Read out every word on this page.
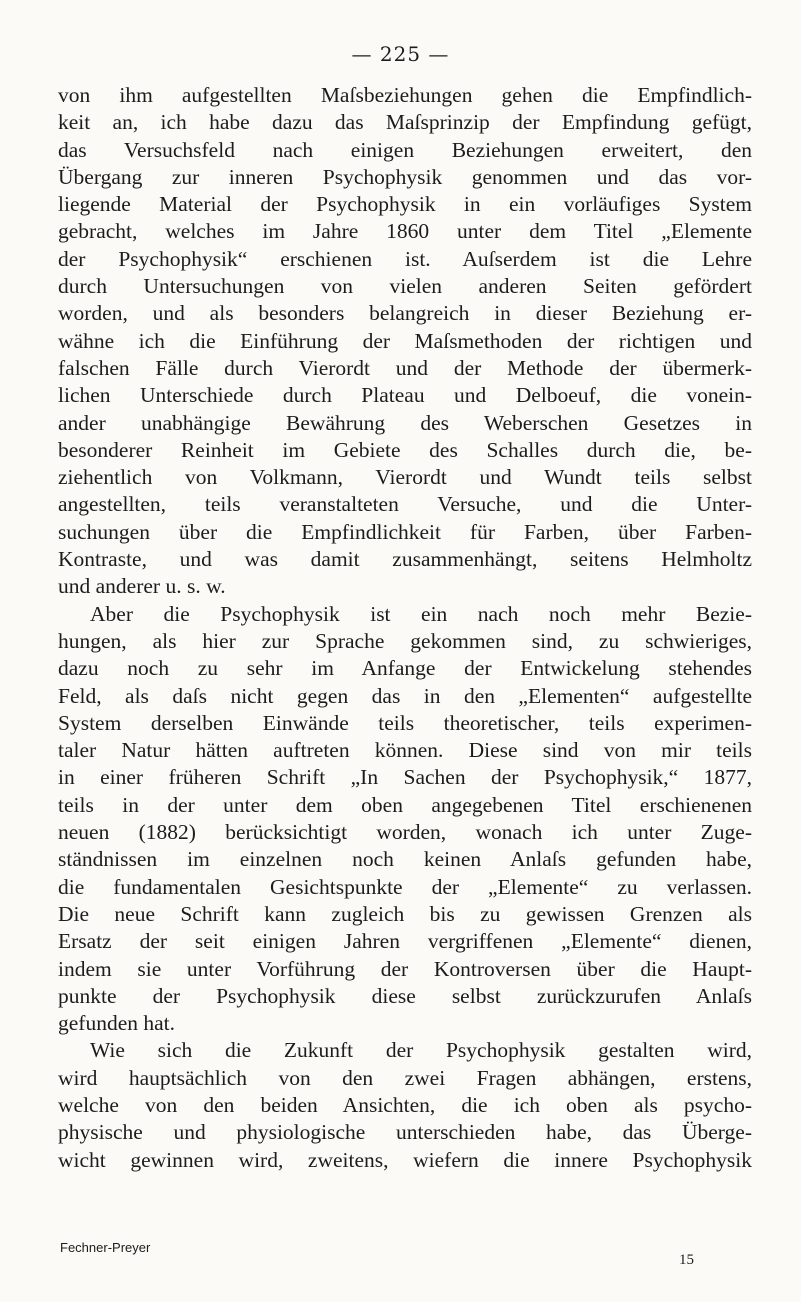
— 225 —

von ihm aufgestellten Maſsbeziehungen gehen die Empfindlich-
keit an, ich habe dazu das Maſsprinzip der Empfindung gefügt,
das Versuchsfeld nach einigen Beziehungen erweitert, den
Übergang zur inneren Psychophysik genommen und das vor-
liegende Material der Psychophysik in ein vorläufiges System
gebracht, welches im Jahre 1860 unter dem Titel „Elemente
der Psychophysik“ erschienen ist. Auſserdem ist die Lehre
durch Untersuchungen von vielen anderen Seiten gefördert
worden, und als besonders belangreich in dieser Beziehung er-
wähne ich die Einführung der Maſsmethoden der richtigen und
falschen Fälle durch Vierordt und der Methode der übermerk-
lichen Unterschiede durch Plateau und Delboeuf, die vonein-
ander unabhängige Bewährung des Weberschen Gesetzes in
besonderer Reinheit im Gebiete des Schalles durch die, be-
ziehentlich von Volkmann, Vierordt und Wundt teils selbst
angestellten, teils veranstalteten Versuche, und die Unter-
suchungen über die Empfindlichkeit für Farben, über Farben-
Kontraste, und was damit zusammenhängt, seitens Helmholtz
und anderer u. s. w.

Aber die Psychophysik ist ein nach noch mehr Bezie-
hungen, als hier zur Sprache gekommen sind, zu schwieriges,
dazu noch zu sehr im Anfange der Entwickelung stehendes
Feld, als daſs nicht gegen das in den „Elementen“ aufgestellte
System derselben Einwände teils theoretischer, teils experimen-
taler Natur hätten auftreten können. Diese sind von mir teils
in einer früheren Schrift „In Sachen der Psychophysik,“ 1877,
teils in der unter dem oben angegebenen Titel erschienenen
neuen (1882) berücksichtigt worden, wonach ich unter Zuge-
ständnissen im einzelnen noch keinen Anlaſs gefunden habe,
die fundamentalen Gesichtspunkte der „Elemente“ zu verlassen.
Die neue Schrift kann zugleich bis zu gewissen Grenzen als
Ersatz der seit einigen Jahren vergriffenen „Elemente“ dienen,
indem sie unter Vorführung der Kontroversen über die Haupt-
punkte der Psychophysik diese selbst zurückzurufen Anlaſs
gefunden hat.

Wie sich die Zukunft der Psychophysik gestalten wird,
wird hauptsächlich von den zwei Fragen abhängen, erstens,
welche von den beiden Ansichten, die ich oben als psycho-
physische und physiologische unterschieden habe, das Überge-
wicht gewinnen wird, zweitens, wiefern die innere Psychophysik

Fechner-Preyer
15
